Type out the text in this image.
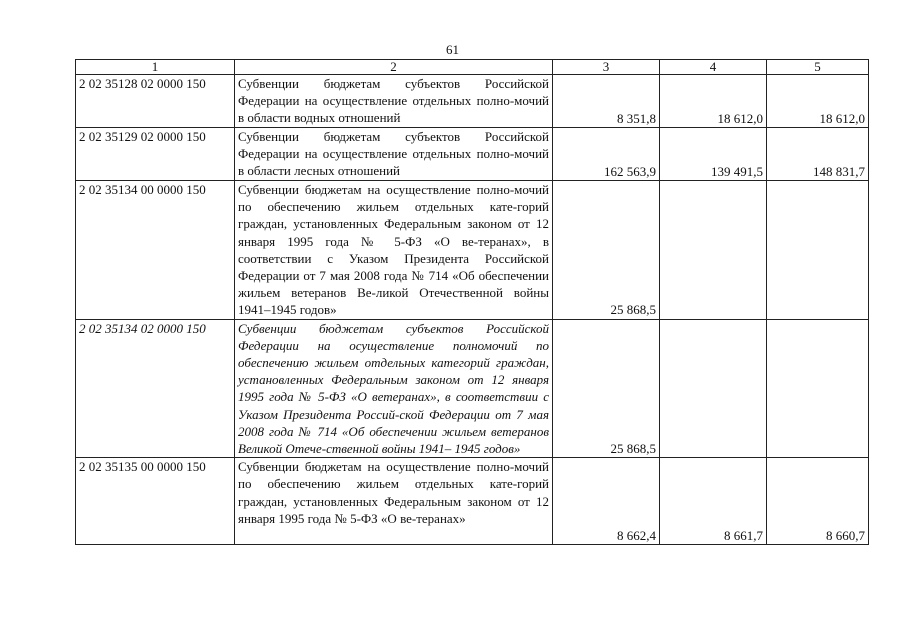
61
1	2	3	4	5
2 02 35128 02 0000 150	Субвенции бюджетам субъектов Российской Федерации на осуществление отдельных полно-мочий в области водных отношений	8 351,8	18 612,0	18 612,0
2 02 35129 02 0000 150	Субвенции бюджетам субъектов Российской Федерации на осуществление отдельных полно-мочий в области лесных отношений	162 563,9	139 491,5	148 831,7
2 02 35134 00 0000 150	Субвенции бюджетам на осуществление полно-мочий по обеспечению жильем отдельных кате-горий граждан, установленных Федеральным законом от 12 января 1995 года № 5-ФЗ «О ве-теранах», в соответствии с Указом Президента Российской Федерации от 7 мая 2008 года № 714 «Об обеспечении жильем ветеранов Ве-ликой Отечественной войны 1941–1945 годов»	25 868,5		
2 02 35134 02 0000 150	Субвенции бюджетам субъектов Российской Федерации на осуществление полномочий по обеспечению жильем отдельных категорий граждан, установленных Федеральным законом от 12 января 1995 года № 5-ФЗ «О ветеранах», в соответствии с Указом Президента Россий-ской Федерации от 7 мая 2008 года № 714 «Об обеспечении жильем ветеранов Великой Отече-ственной войны 1941– 1945 годов»	25 868,5		
2 02 35135 00 0000 150	Субвенции бюджетам на осуществление полно-мочий по обеспечению жильем отдельных кате-горий граждан, установленных Федеральным законом от 12 января 1995 года № 5-ФЗ «О ве-теранах»	8 662,4	8 661,7	8 660,7
